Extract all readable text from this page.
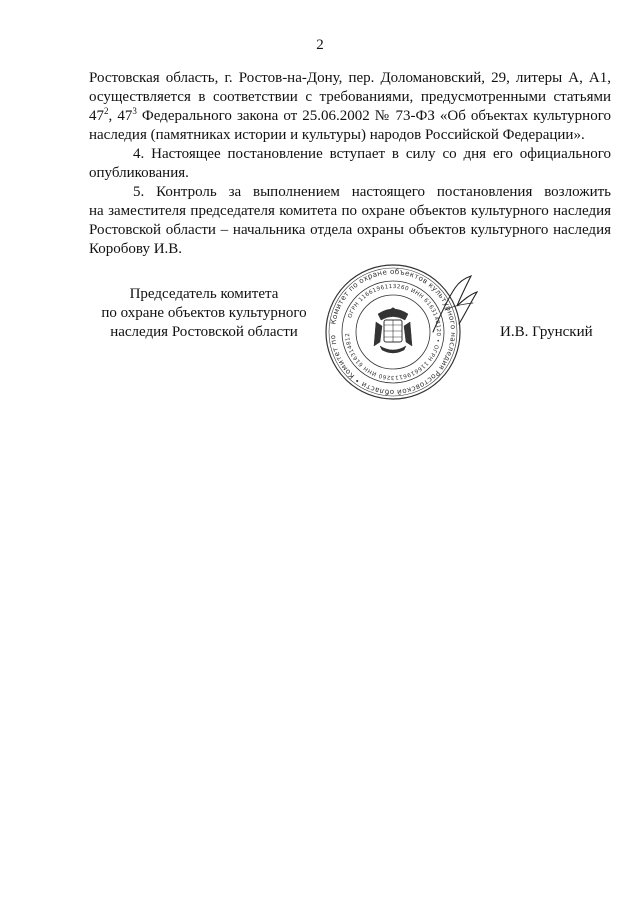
2
Ростовская область, г. Ростов-на-Дону, пер. Доломановский, 29, литеры А, А1,
осуществляется в соответствии с требованиями, предусмотренными статьями
$47^2$, $47^3$ Федерального закона от 25.06.2002 № 73-ФЗ «Об объектах культурного
наследия (памятниках истории и культуры) народов Российской Федерации».
4. Настоящее постановление вступает в силу со дня его официального
опубликования.
5. Контроль за выполнением настоящего постановления возложить
на заместителя председателя комитета по охране объектов культурного наследия
Ростовской области – начальника отдела охраны объектов культурного наследия
Коробову И.В.
Председатель комитета
по охране объектов культурного
наследия Ростовской области
Комитет по охране объектов культурного наследия Ростовской области • Комитет по
ОГРН 1166196113260 ИНН 6163148120 • ОГРН 1166196113260 ИНН 616314812	И.В. Грунский
